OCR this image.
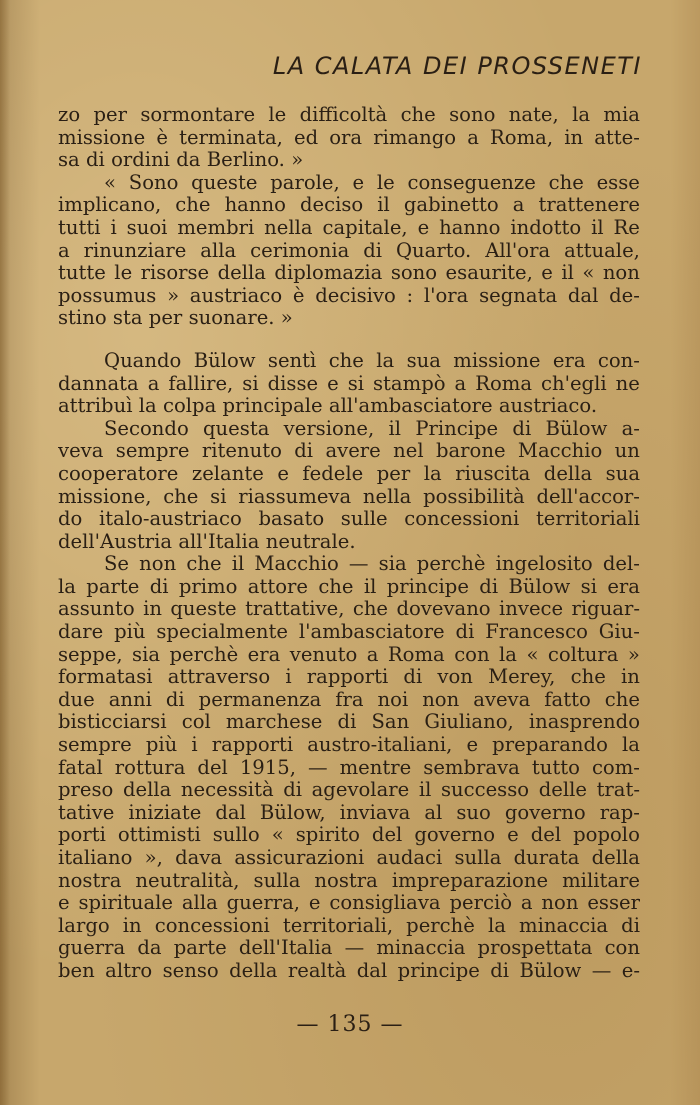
LA CALATA DEI PROSSENETI
zo per sormontare le difficoltà che sono nate, la mia
missione è terminata, ed ora rimango a Roma, in atte-
sa di ordini da Berlino. »
« Sono queste parole, e le conseguenze che esse
implicano, che hanno deciso il gabinetto a trattenere
tutti i suoi membri nella capitale, e hanno indotto il Re
a rinunziare alla cerimonia di Quarto. All'ora attuale,
tutte le risorse della diplomazia sono esaurite, e il « non
possumus » austriaco è decisivo : l'ora segnata dal de-
stino sta per suonare. »
Quando Bülow sentì che la sua missione era con-
dannata a fallire, si disse e si stampò a Roma ch'egli ne
attribuì la colpa principale all'ambasciatore austriaco.
Secondo questa versione, il Principe di Bülow a-
veva sempre ritenuto di avere nel barone Macchio un
cooperatore zelante e fedele per la riuscita della sua
missione, che si riassumeva nella possibilità dell'accor-
do italo-austriaco basato sulle concessioni territoriali
dell'Austria all'Italia neutrale.
Se non che il Macchio — sia perchè ingelosito del-
la parte di primo attore che il principe di Bülow si era
assunto in queste trattative, che dovevano invece riguar-
dare più specialmente l'ambasciatore di Francesco Giu-
seppe, sia perchè era venuto a Roma con la « coltura »
formatasi attraverso i rapporti di von Merey, che in
due anni di permanenza fra noi non aveva fatto che
bisticciarsi col marchese di San Giuliano, inasprendo
sempre più i rapporti austro-italiani, e preparando la
fatal rottura del 1915, — mentre sembrava tutto com-
preso della necessità di agevolare il successo delle trat-
tative iniziate dal Bülow, inviava al suo governo rap-
porti ottimisti sullo « spirito del governo e del popolo
italiano », dava assicurazioni audaci sulla durata della
nostra neutralità, sulla nostra impreparazione militare
e spirituale alla guerra, e consigliava perciò a non esser
largo in concessioni territoriali, perchè la minaccia di
guerra da parte dell'Italia — minaccia prospettata con
ben altro senso della realtà dal principe di Bülow — e-
— 135 —
